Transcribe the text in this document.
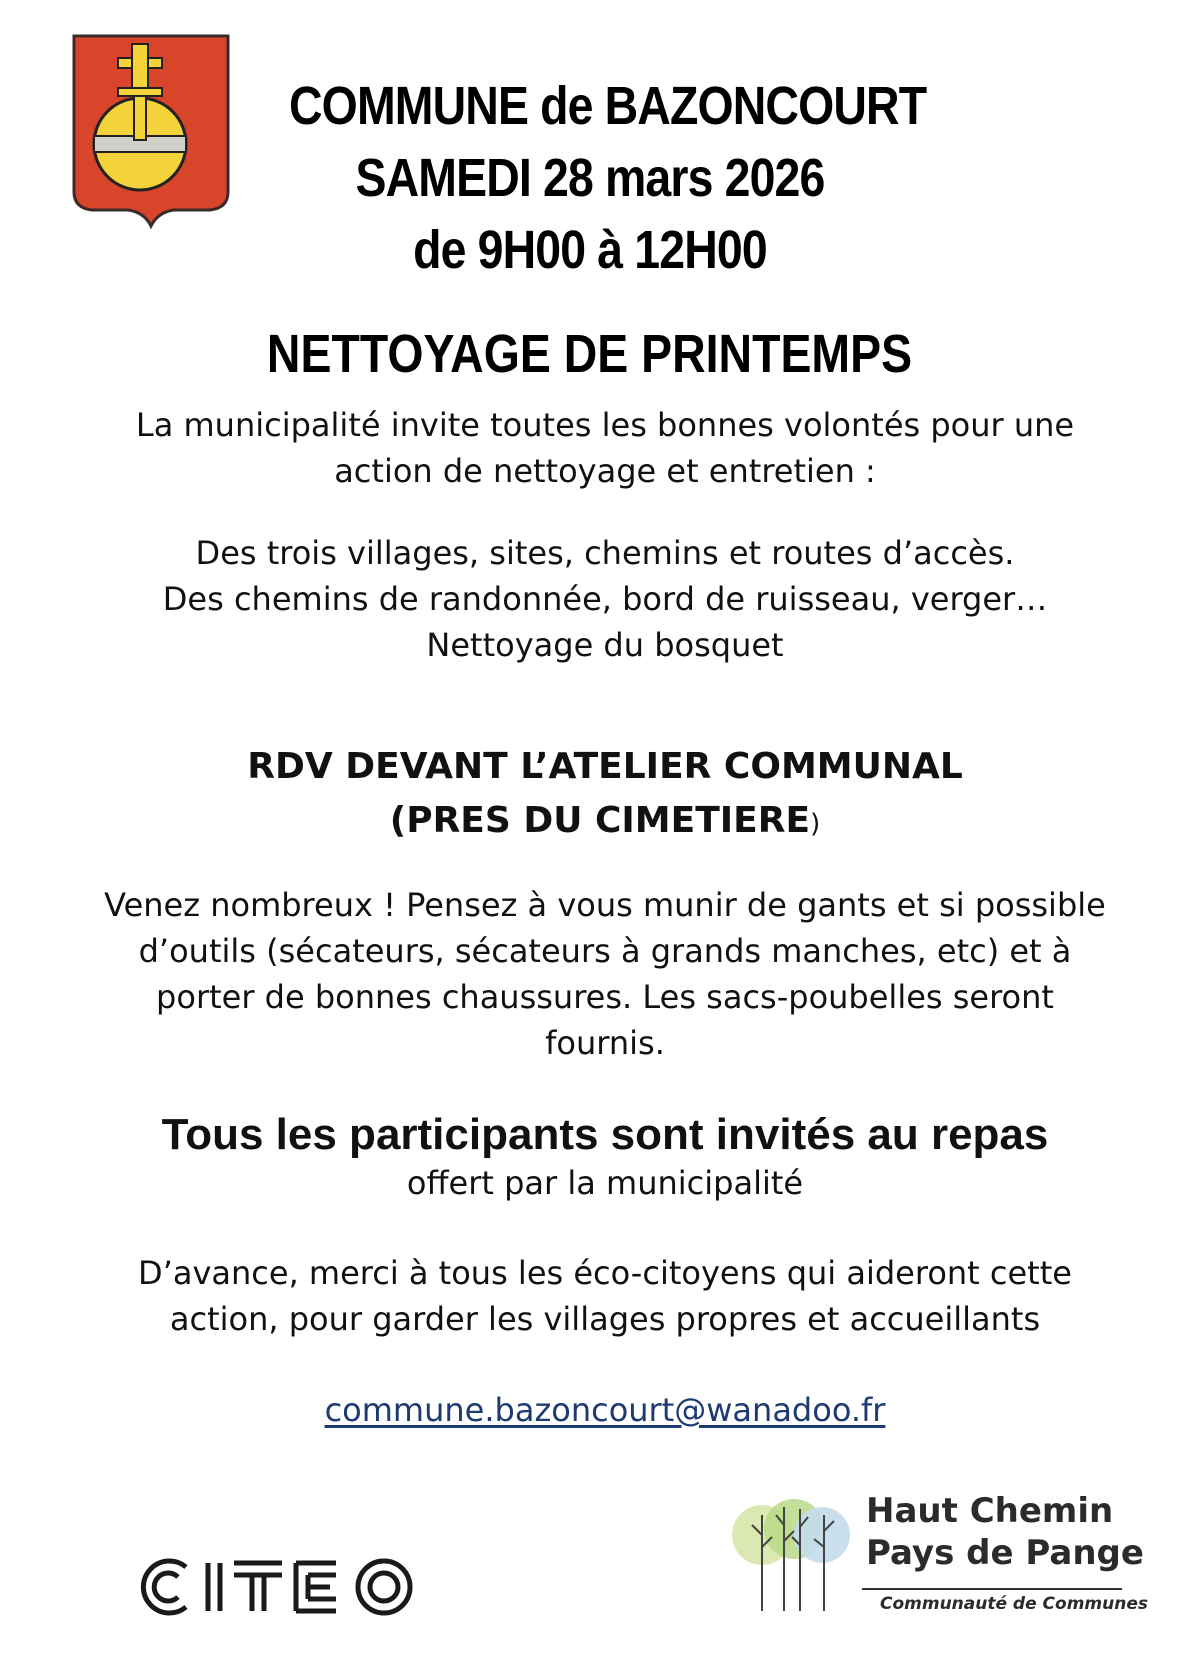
COMMUNE de BAZONCOURT
SAMEDI 28 mars 2026
de 9H00 à 12H00
NETTOYAGE DE PRINTEMPS
La municipalité invite toutes les bonnes volontés pour une
action de nettoyage et entretien :
Des trois villages, sites, chemins et routes d’accès.
Des chemins de randonnée, bord de ruisseau, verger…
Nettoyage du bosquet
RDV DEVANT L’ATELIER COMMUNAL
(PRES DU CIMETIERE)
Venez nombreux ! Pensez à vous munir de gants et si possible
d’outils (sécateurs, sécateurs à grands manches, etc) et à
porter de bonnes chaussures. Les sacs-poubelles seront
fournis.
Tous les participants sont invités au repas
offert par la municipalité
D’avance, merci à tous les éco-citoyens qui aideront cette
action, pour garder les villages propres et accueillants
commune.bazoncourt@wanadoo.fr
Haut Chemin
Pays de Pange
Communauté de Communes
